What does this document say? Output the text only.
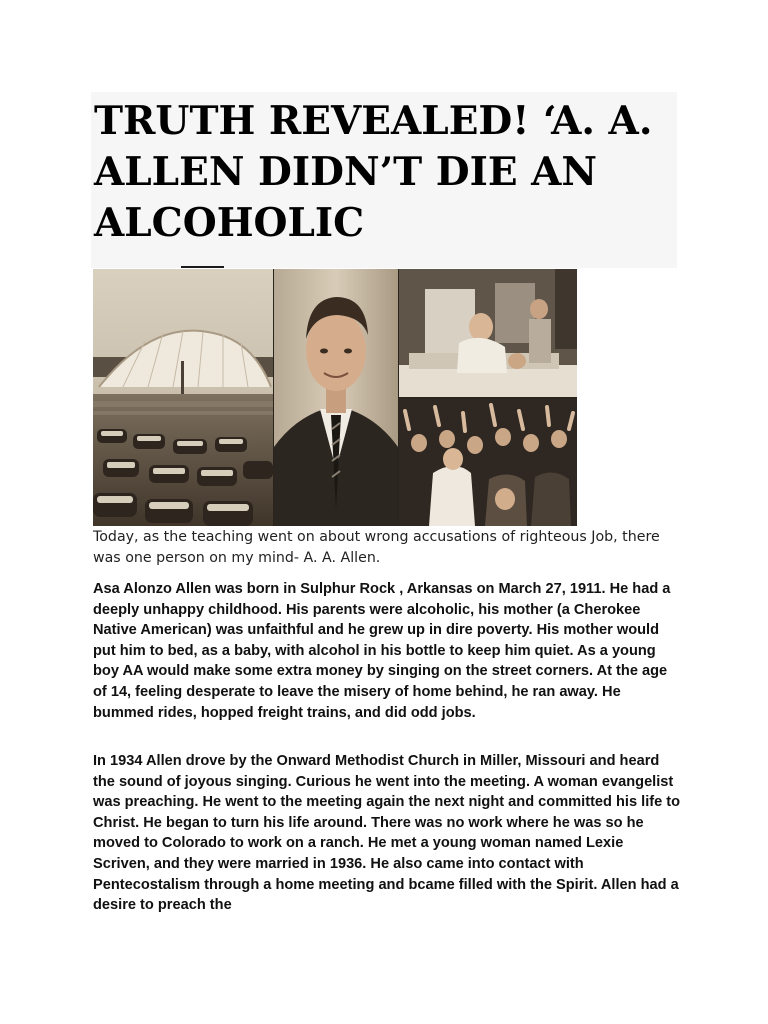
TRUTH REVEALED! ‘A. A. ALLEN DIDN’T DIE AN ALCOHOLIC

Today, as the teaching went on about wrong accusations of righteous Job, there was one person on my mind- A. A. Allen.

Asa Alonzo Allen was born in Sulphur Rock , Arkansas on March 27, 1911. He had a deeply unhappy childhood. His parents were alcoholic, his mother (a Cherokee Native American) was unfaithful and he grew up in dire poverty. His mother would put him to bed, as a baby, with alcohol in his bottle to keep him quiet. As a young boy AA would make some extra money by singing on the street corners. At the age of 14, feeling desperate to leave the misery of home behind, he ran away. He bummed rides, hopped freight trains, and did odd jobs.

In 1934 Allen drove by the Onward Methodist Church in Miller, Missouri and heard the sound of joyous singing. Curious he went into the meeting. A woman evangelist was preaching. He went to the meeting again the next night and committed his life to Christ. He began to turn his life around. There was no work where he was so he moved to Colorado to work on a ranch. He met a young woman named Lexie Scriven, and they were married in 1936. He also came into contact with Pentecostalism through a home meeting and bcame filled with the Spirit. Allen had a desire to preach the
